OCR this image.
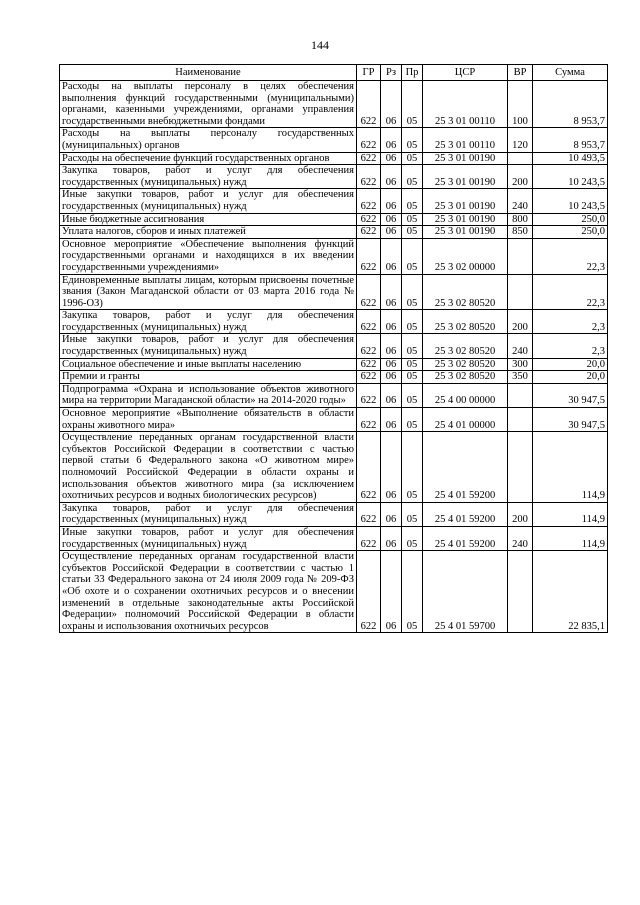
144
Наименование	ГР	Рз	Пр	ЦСР	ВР	Сумма
Расходы на выплаты персоналу в целях обеспечения выполнения функций государственными (муниципальными) органами, казенными учреждениями, органами управления государственными внебюджетными фондами	622	06	05	25 3 01 00110	100	8 953,7
Расходы на выплаты персоналу государственных (муниципальных) органов	622	06	05	25 3 01 00110	120	8 953,7
Расходы на обеспечение функций государственных органов	622	06	05	25 3 01 00190		10 493,5
Закупка товаров, работ и услуг для обеспечения государственных (муниципальных) нужд	622	06	05	25 3 01 00190	200	10 243,5
Иные закупки товаров, работ и услуг для обеспечения государственных (муниципальных) нужд	622	06	05	25 3 01 00190	240	10 243,5
Иные бюджетные ассигнования	622	06	05	25 3 01 00190	800	250,0
Уплата налогов, сборов и иных платежей	622	06	05	25 3 01 00190	850	250,0
Основное мероприятие «Обеспечение выполнения функций государственными органами и находящихся в их введении государственными учреждениями»	622	06	05	25 3 02 00000		22,3
Единовременные выплаты лицам, которым присвоены почетные звания (Закон Магаданской области от 03 марта 2016 года № 1996-ОЗ)	622	06	05	25 3 02 80520		22,3
Закупка товаров, работ и услуг для обеспечения государственных (муниципальных) нужд	622	06	05	25 3 02 80520	200	2,3
Иные закупки товаров, работ и услуг для обеспечения государственных (муниципальных) нужд	622	06	05	25 3 02 80520	240	2,3
Социальное обеспечение и иные выплаты населению	622	06	05	25 3 02 80520	300	20,0
Премии и гранты	622	06	05	25 3 02 80520	350	20,0
Подпрограмма «Охрана и использование объектов животного мира на территории Магаданской области» на 2014-2020 годы»	622	06	05	25 4 00 00000		30 947,5
Основное мероприятие «Выполнение обязательств в области охраны животного мира»	622	06	05	25 4 01 00000		30 947,5
Осуществление переданных органам государственной власти субъектов Российской Федерации в соответствии с частью первой статьи 6 Федерального закона «О животном мире» полномочий Российской Федерации в области охраны и использования объектов животного мира (за исключением охотничьих ресурсов и водных биологических ресурсов)	622	06	05	25 4 01 59200		114,9
Закупка товаров, работ и услуг для обеспечения государственных (муниципальных) нужд	622	06	05	25 4 01 59200	200	114,9
Иные закупки товаров, работ и услуг для обеспечения государственных (муниципальных) нужд	622	06	05	25 4 01 59200	240	114,9
Осуществление переданных органам государственной власти субъектов Российской Федерации в соответствии с частью 1 статьи 33 Федерального закона от 24 июля 2009 года № 209-ФЗ «Об охоте и о сохранении охотничьих ресурсов и о внесении изменений в отдельные законодательные акты Российской Федерации» полномочий Российской Федерации в области охраны и использования охотничьих ресурсов	622	06	05	25 4 01 59700		22 835,1
